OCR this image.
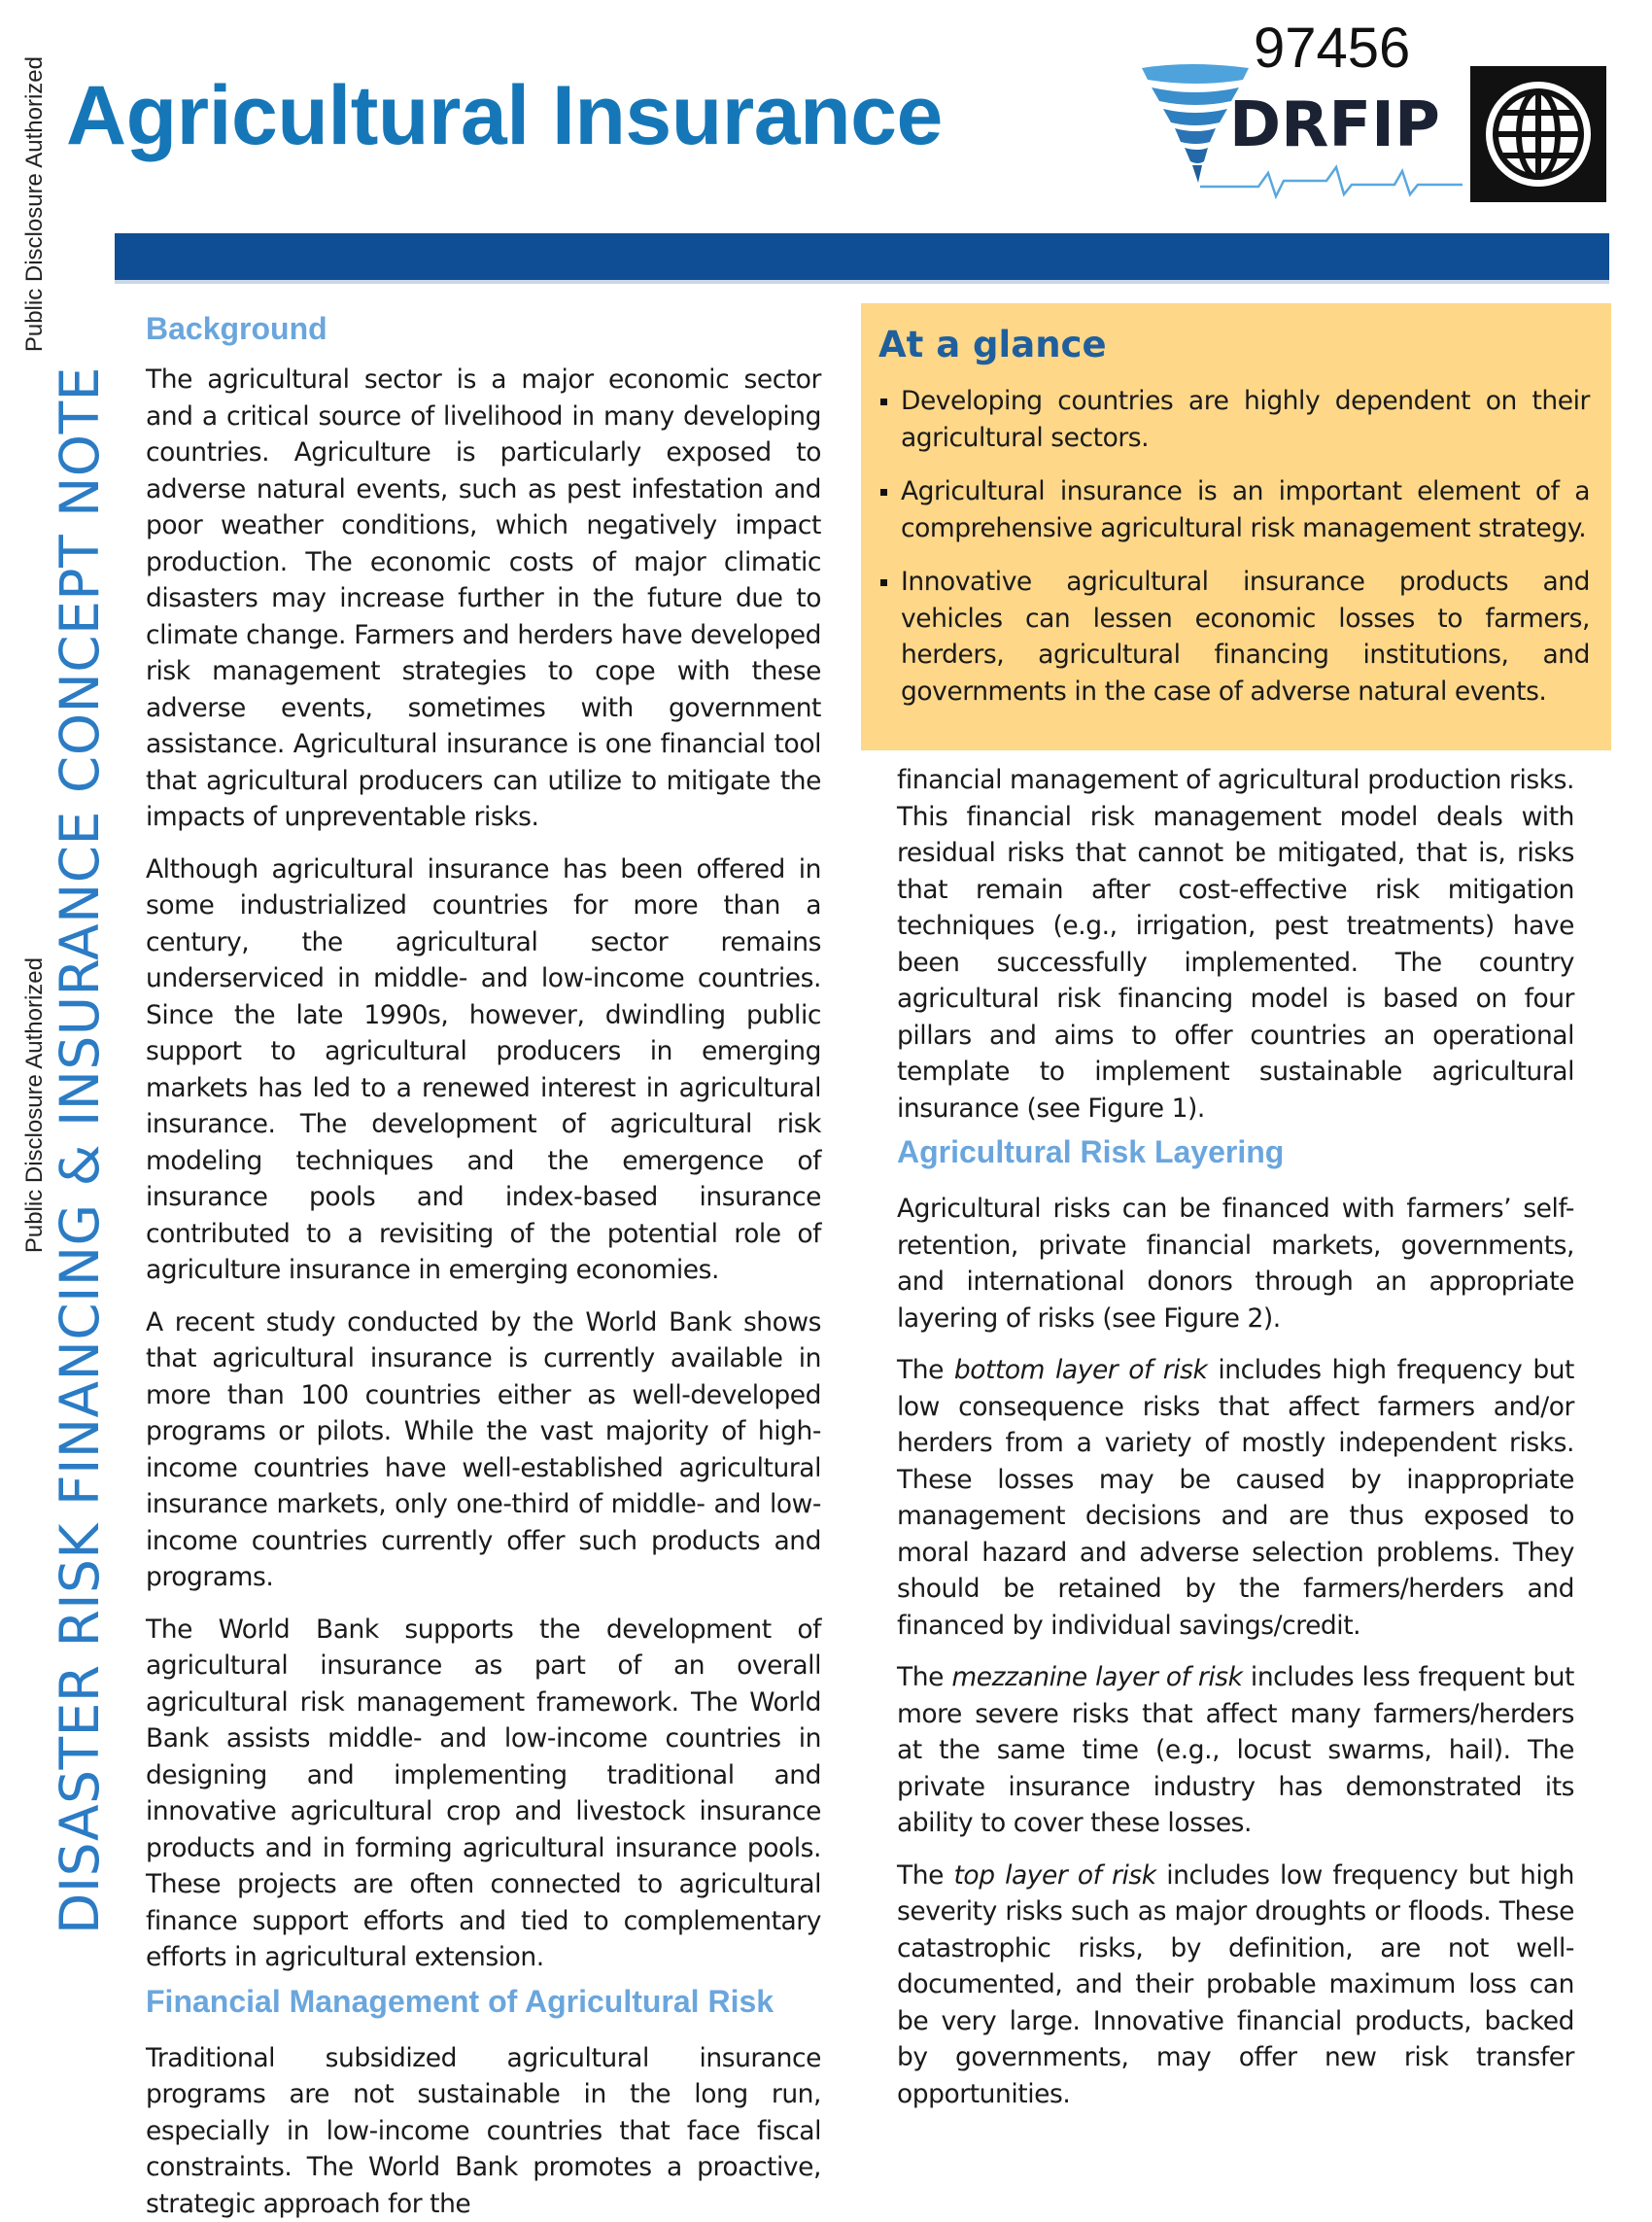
Public Disclosure Authorized
Public Disclosure Authorized DISASTER RISK FINANCING & INSURANCE CONCEPT NOTE
Agricultural Insurance
97456
DRFIP
Background

The agricultural sector is a major economic sector and a critical source of livelihood in many developing countries. Agriculture is particularly exposed to adverse natural events, such as pest infestation and poor weather conditions, which negatively impact production. The economic costs of major climatic disasters may increase further in the future due to climate change. Farmers and herders have developed risk management strategies to cope with these adverse events, sometimes with government assistance. Agricultural insurance is one financial tool that agricultural producers can utilize to mitigate the impacts of unpreventable risks.

Although agricultural insurance has been offered in some industrialized countries for more than a century, the agricultural sector remains underserviced in middle- and low-income countries. Since the late 1990s, however, dwindling public support to agricultural producers in emerging markets has led to a renewed interest in agricultural insurance. The development of agricultural risk modeling techniques and the emergence of insurance pools and index-based insurance contributed to a revisiting of the potential role of agriculture insurance in emerging economies.

A recent study conducted by the World Bank shows that agricultural insurance is currently available in more than 100 countries either as well-developed programs or pilots. While the vast majority of high-income countries have well-established agricultural insurance markets, only one-third of middle- and low-income countries currently offer such products and programs.

The World Bank supports the development of agricultural insurance as part of an overall agricultural risk management framework. The World Bank assists middle- and low-income countries in designing and implementing traditional and innovative agricultural crop and livestock insurance products and in forming agricultural insurance pools. These projects are often connected to agricultural finance support efforts and tied to complementary efforts in agricultural extension.

Financial Management of Agricultural Risk

Traditional subsidized agricultural insurance programs are not sustainable in the long run, especially in low-income countries that face fiscal constraints. The World Bank promotes a proactive, strategic approach for the

At a glance
Developing countries are highly dependent on their agricultural sectors.
Agricultural insurance is an important element of a comprehensive agricultural risk management strategy.
Innovative agricultural insurance products and vehicles can lessen economic losses to farmers, herders, agricultural financing institutions, and governments in the case of adverse natural events.

financial management of agricultural production risks. This financial risk management model deals with residual risks that cannot be mitigated, that is, risks that remain after cost-effective risk mitigation techniques (e.g., irrigation, pest treatments) have been successfully implemented. The country agricultural risk financing model is based on four pillars and aims to offer countries an operational template to implement sustainable agricultural insurance (see Figure 1).

Agricultural Risk Layering

Agricultural risks can be financed with farmers’ self-retention, private financial markets, governments, and international donors through an appropriate layering of risks (see Figure 2).

The bottom layer of risk includes high frequency but low consequence risks that affect farmers and/or herders from a variety of mostly independent risks. These losses may be caused by inappropriate management decisions and are thus exposed to moral hazard and adverse selection problems. They should be retained by the farmers/herders and financed by individual savings/credit.

The mezzanine layer of risk includes less frequent but more severe risks that affect many farmers/herders at the same time (e.g., locust swarms, hail). The private insurance industry has demonstrated its ability to cover these losses.

The top layer of risk includes low frequency but high severity risks such as major droughts or floods. These catastrophic risks, by definition, are not well-documented, and their probable maximum loss can be very large. Innovative financial products, backed by governments, may offer new risk transfer opportunities.
